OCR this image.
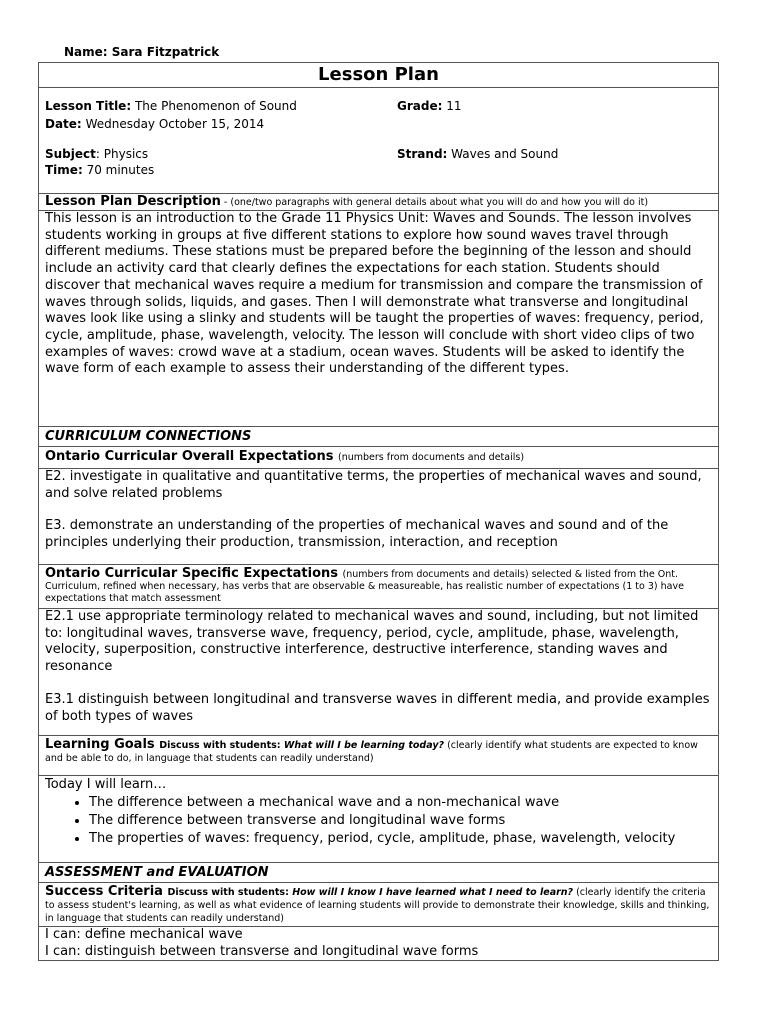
Name: Sara Fitzpatrick
Lesson Plan

Lesson Title: The Phenomenon of Sound	Grade: 11
Date: Wednesday October 15, 2014
Subject: Physics	Strand: Waves and Sound
Time: 70 minutes

Lesson Plan Description - (one/two paragraphs with general details about what you will do and how you will do it)

This lesson is an introduction to the Grade 11 Physics Unit: Waves and Sounds. The lesson involves students working in groups at five different stations to explore how sound waves travel through different mediums. These stations must be prepared before the beginning of the lesson and should include an activity card that clearly defines the expectations for each station. Students should discover that mechanical waves require a medium for transmission and compare the transmission of waves through solids, liquids, and gases. Then I will demonstrate what transverse and longitudinal waves look like using a slinky and students will be taught the properties of waves: frequency, period, cycle, amplitude, phase, wavelength, velocity. The lesson will conclude with short video clips of two examples of waves: crowd wave at a stadium, ocean waves. Students will be asked to identify the wave form of each example to assess their understanding of the different types.

CURRICULUM CONNECTIONS
Ontario Curricular Overall Expectations (numbers from documents and details)

E2. investigate in qualitative and quantitative terms, the properties of mechanical waves and sound, and solve related problems

E3. demonstrate an understanding of the properties of mechanical waves and sound and of the principles underlying their production, transmission, interaction, and reception

Ontario Curricular Specific Expectations (numbers from documents and details) selected & listed from the Ont. Curriculum, refined when necessary, has verbs that are observable & measureable, has realistic number of expectations (1 to 3) have expectations that match assessment

E2.1 use appropriate terminology related to mechanical waves and sound, including, but not limited to: longitudinal waves, transverse wave, frequency, period, cycle, amplitude, phase, wavelength, velocity, superposition, constructive interference, destructive interference, standing waves and resonance

E3.1 distinguish between longitudinal and transverse waves in different media, and provide examples of both types of waves

Learning Goals Discuss with students: What will I be learning today? (clearly identify what students are expected to know and be able to do, in language that students can readily understand)

Today I will learn…
• The difference between a mechanical wave and a non-mechanical wave
• The difference between transverse and longitudinal wave forms
• The properties of waves: frequency, period, cycle, amplitude, phase, wavelength, velocity

ASSESSMENT and EVALUATION
Success Criteria Discuss with students: How will I know I have learned what I need to learn? (clearly identify the criteria to assess student's learning, as well as what evidence of learning students will provide to demonstrate their knowledge, skills and thinking, in language that students can readily understand)

I can: define mechanical wave
I can: distinguish between transverse and longitudinal wave forms
